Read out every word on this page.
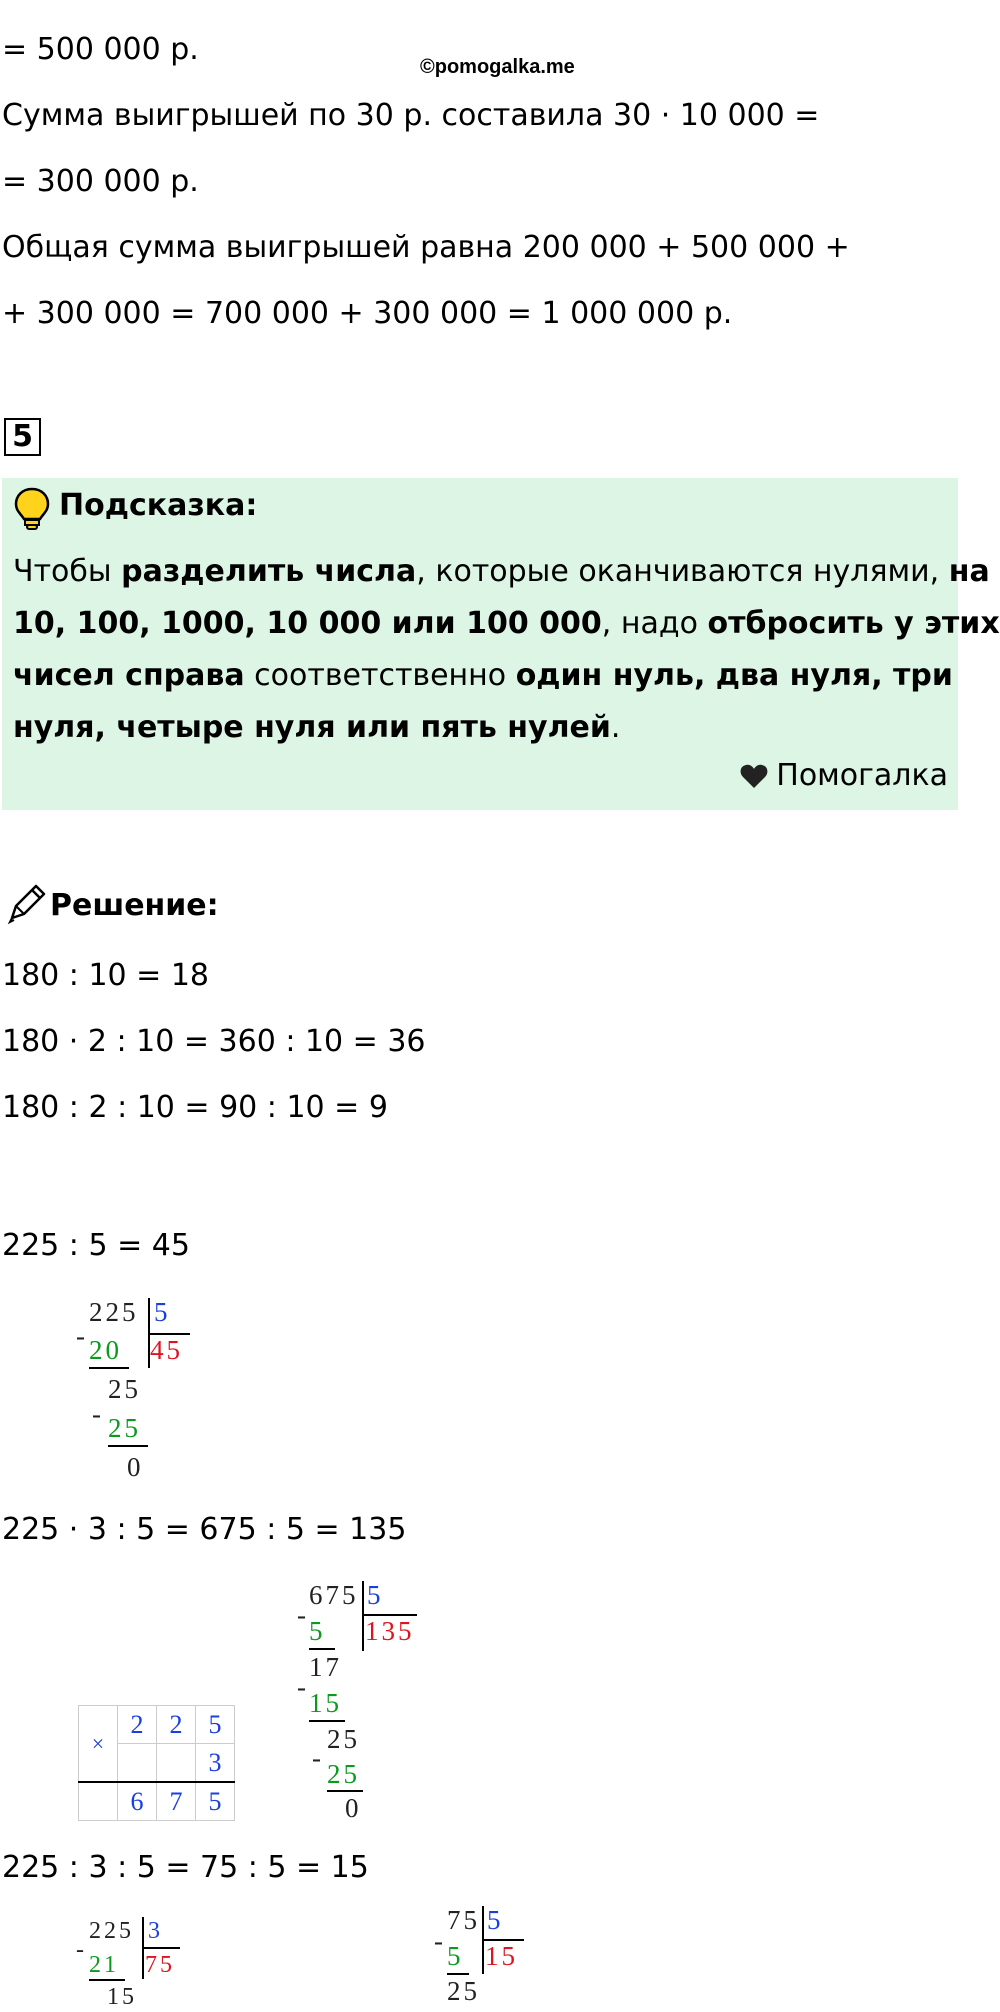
©pomogalka.me
= 500 000 р.
Сумма выигрышей по 30 р. составила 30 · 10 000 =
= 300 000 р.
Общая сумма выигрышей равна 200 000 + 500 000 +
+ 300 000 = 700 000 + 300 000 = 1 000 000 р.
5
Подсказка:
Чтобы разделить числа, которые оканчиваются нулями, на
10, 100, 1000, 10 000 или 100 000, надо отбросить у этих
чисел справа соответственно один нуль, два нуля, три
нуля, четыре нуля или пять нулей.
Помогалка
Решение:
180 : 10 = 18
180 · 2 : 10 = 360 : 10 = 36
180 : 2 : 10 = 90 : 10 = 9
225 : 5 = 45
225 5
45
- 20
25
- 25
0
225 · 3 : 5 = 675 : 5 = 135
675 5
135
-
5
17
-
15
25
-
25
0
×	2	2	5
			3
	6	7	5
225 : 3 : 5 = 75 : 5 = 15
225 3
75
-
21
15
75 5
15
- 5
25
